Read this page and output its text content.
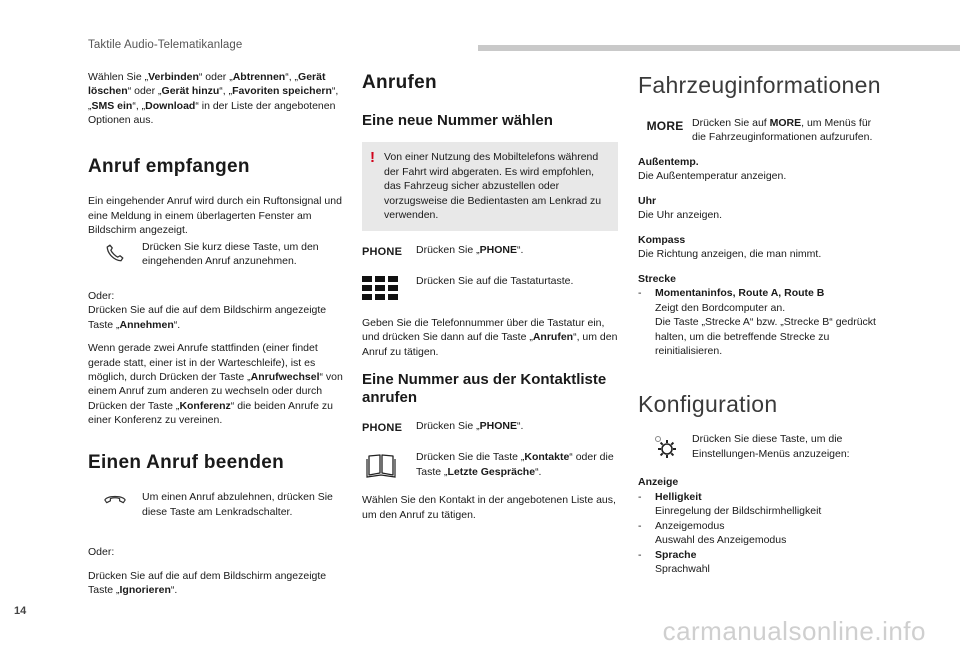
Taktile Audio-Telematikanlage

Wählen Sie „Verbinden“ oder „Abtrennen“, „Gerät löschen“ oder „Gerät hinzu“, „Favoriten speichern“, „SMS ein“, „Download“ in der Liste der angebotenen Optionen aus.

Anruf empfangen

Ein eingehender Anruf wird durch ein Ruftonsignal und eine Meldung in einem überlagerten Fenster am Bildschirm angezeigt.

Drücken Sie kurz diese Taste, um den eingehenden Anruf anzunehmen.

Oder:

Drücken Sie auf die auf dem Bildschirm angezeigte Taste „Annehmen“.

Wenn gerade zwei Anrufe stattfinden (einer findet gerade statt, einer ist in der Warteschleife), ist es möglich, durch Drücken der Taste „Anrufwechsel“ von einem Anruf zum anderen zu wechseln oder durch Drücken der Taste „Konferenz“ die beiden Anrufe zu einer Konferenz zu vereinen.

Einen Anruf beenden
Um einen Anruf abzulehnen, drücken Sie diese Taste am Lenkradschalter.

Oder:

Drücken Sie auf die auf dem Bildschirm angezeigte Taste „Ignorieren“.

Anrufen
Eine neue Nummer wählen
! Von einer Nutzung des Mobiltelefons während der Fahrt wird abgeraten. Es wird empfohlen, das Fahrzeug sicher abzustellen oder vorzugsweise die Bedientasten am Lenkrad zu verwenden.
PHONE Drücken Sie „PHONE“.
Drücken Sie auf die Tastaturtaste.

Geben Sie die Telefonnummer über die Tastatur ein, und drücken Sie dann auf die Taste „Anrufen“, um den Anruf zu tätigen.

Eine Nummer aus der Kontaktliste anrufen
PHONE Drücken Sie „PHONE“.
Drücken Sie die Taste „Kontakte“ oder die Taste „Letzte Gespräche“.

Wählen Sie den Kontakt in der angebotenen Liste aus, um den Anruf zu tätigen.

Fahrzeuginformationen
MORE Drücken Sie auf MORE, um Menüs für die Fahrzeuginformationen aufzurufen.
Außentemp.
Die Außentemperatur anzeigen.
Uhr
Die Uhr anzeigen.
Kompass
Die Richtung anzeigen, die man nimmt.
Strecke
-	Momentaninfos, Route A, Route B
Zeigt den Bordcomputer an.
Die Taste „Strecke A“ bzw. „Strecke B“ gedrückt halten, um die betreffende Strecke zu reinitialisieren.
Konfiguration
Drücken Sie diese Taste, um die Einstellungen-Menüs anzuzeigen:
Anzeige
-	Helligkeit
Einregelung der Bildschirmhelligkeit
-	Anzeigemodus
Auswahl des Anzeigemodus
-	Sprache
Sprachwahl
14
carmanualsonline.info
